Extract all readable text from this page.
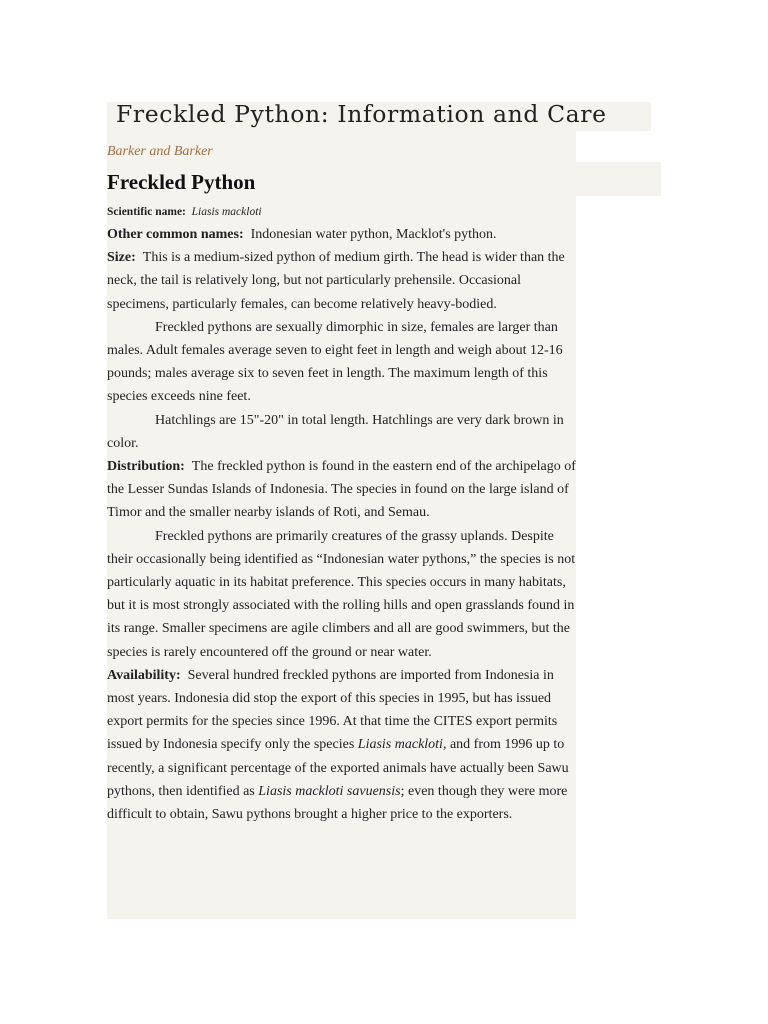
Freckled Python: Information and Care
Barker and Barker
Freckled Python

Scientific name: Liasis mackloti

Other common names: Indonesian water python, Macklot's python.

Size: This is a medium-sized python of medium girth. The head is wider than the neck, the tail is relatively long, but not particularly prehensile. Occasional specimens, particularly females, can become relatively heavy-bodied.

Freckled pythons are sexually dimorphic in size, females are larger than males. Adult females average seven to eight feet in length and weigh about 12-16 pounds; males average six to seven feet in length. The maximum length of this species exceeds nine feet.

Hatchlings are 15"-20" in total length. Hatchlings are very dark brown in color.

Distribution: The freckled python is found in the eastern end of the archipelago of the Lesser Sundas Islands of Indonesia. The species in found on the large island of Timor and the smaller nearby islands of Roti, and Semau.

Freckled pythons are primarily creatures of the grassy uplands. Despite their occasionally being identified as “Indonesian water pythons,” the species is not particularly aquatic in its habitat preference. This species occurs in many habitats, but it is most strongly associated with the rolling hills and open grasslands found in its range. Smaller specimens are agile climbers and all are good swimmers, but the species is rarely encountered off the ground or near water.

Availability: Several hundred freckled pythons are imported from Indonesia in most years. Indonesia did stop the export of this species in 1995, but has issued export permits for the species since 1996. At that time the CITES export permits issued by Indonesia specify only the species Liasis mackloti, and from 1996 up to recently, a significant percentage of the exported animals have actually been Sawu pythons, then identified as Liasis mackloti savuensis; even though they were more difficult to obtain, Sawu pythons brought a higher price to the exporters.
